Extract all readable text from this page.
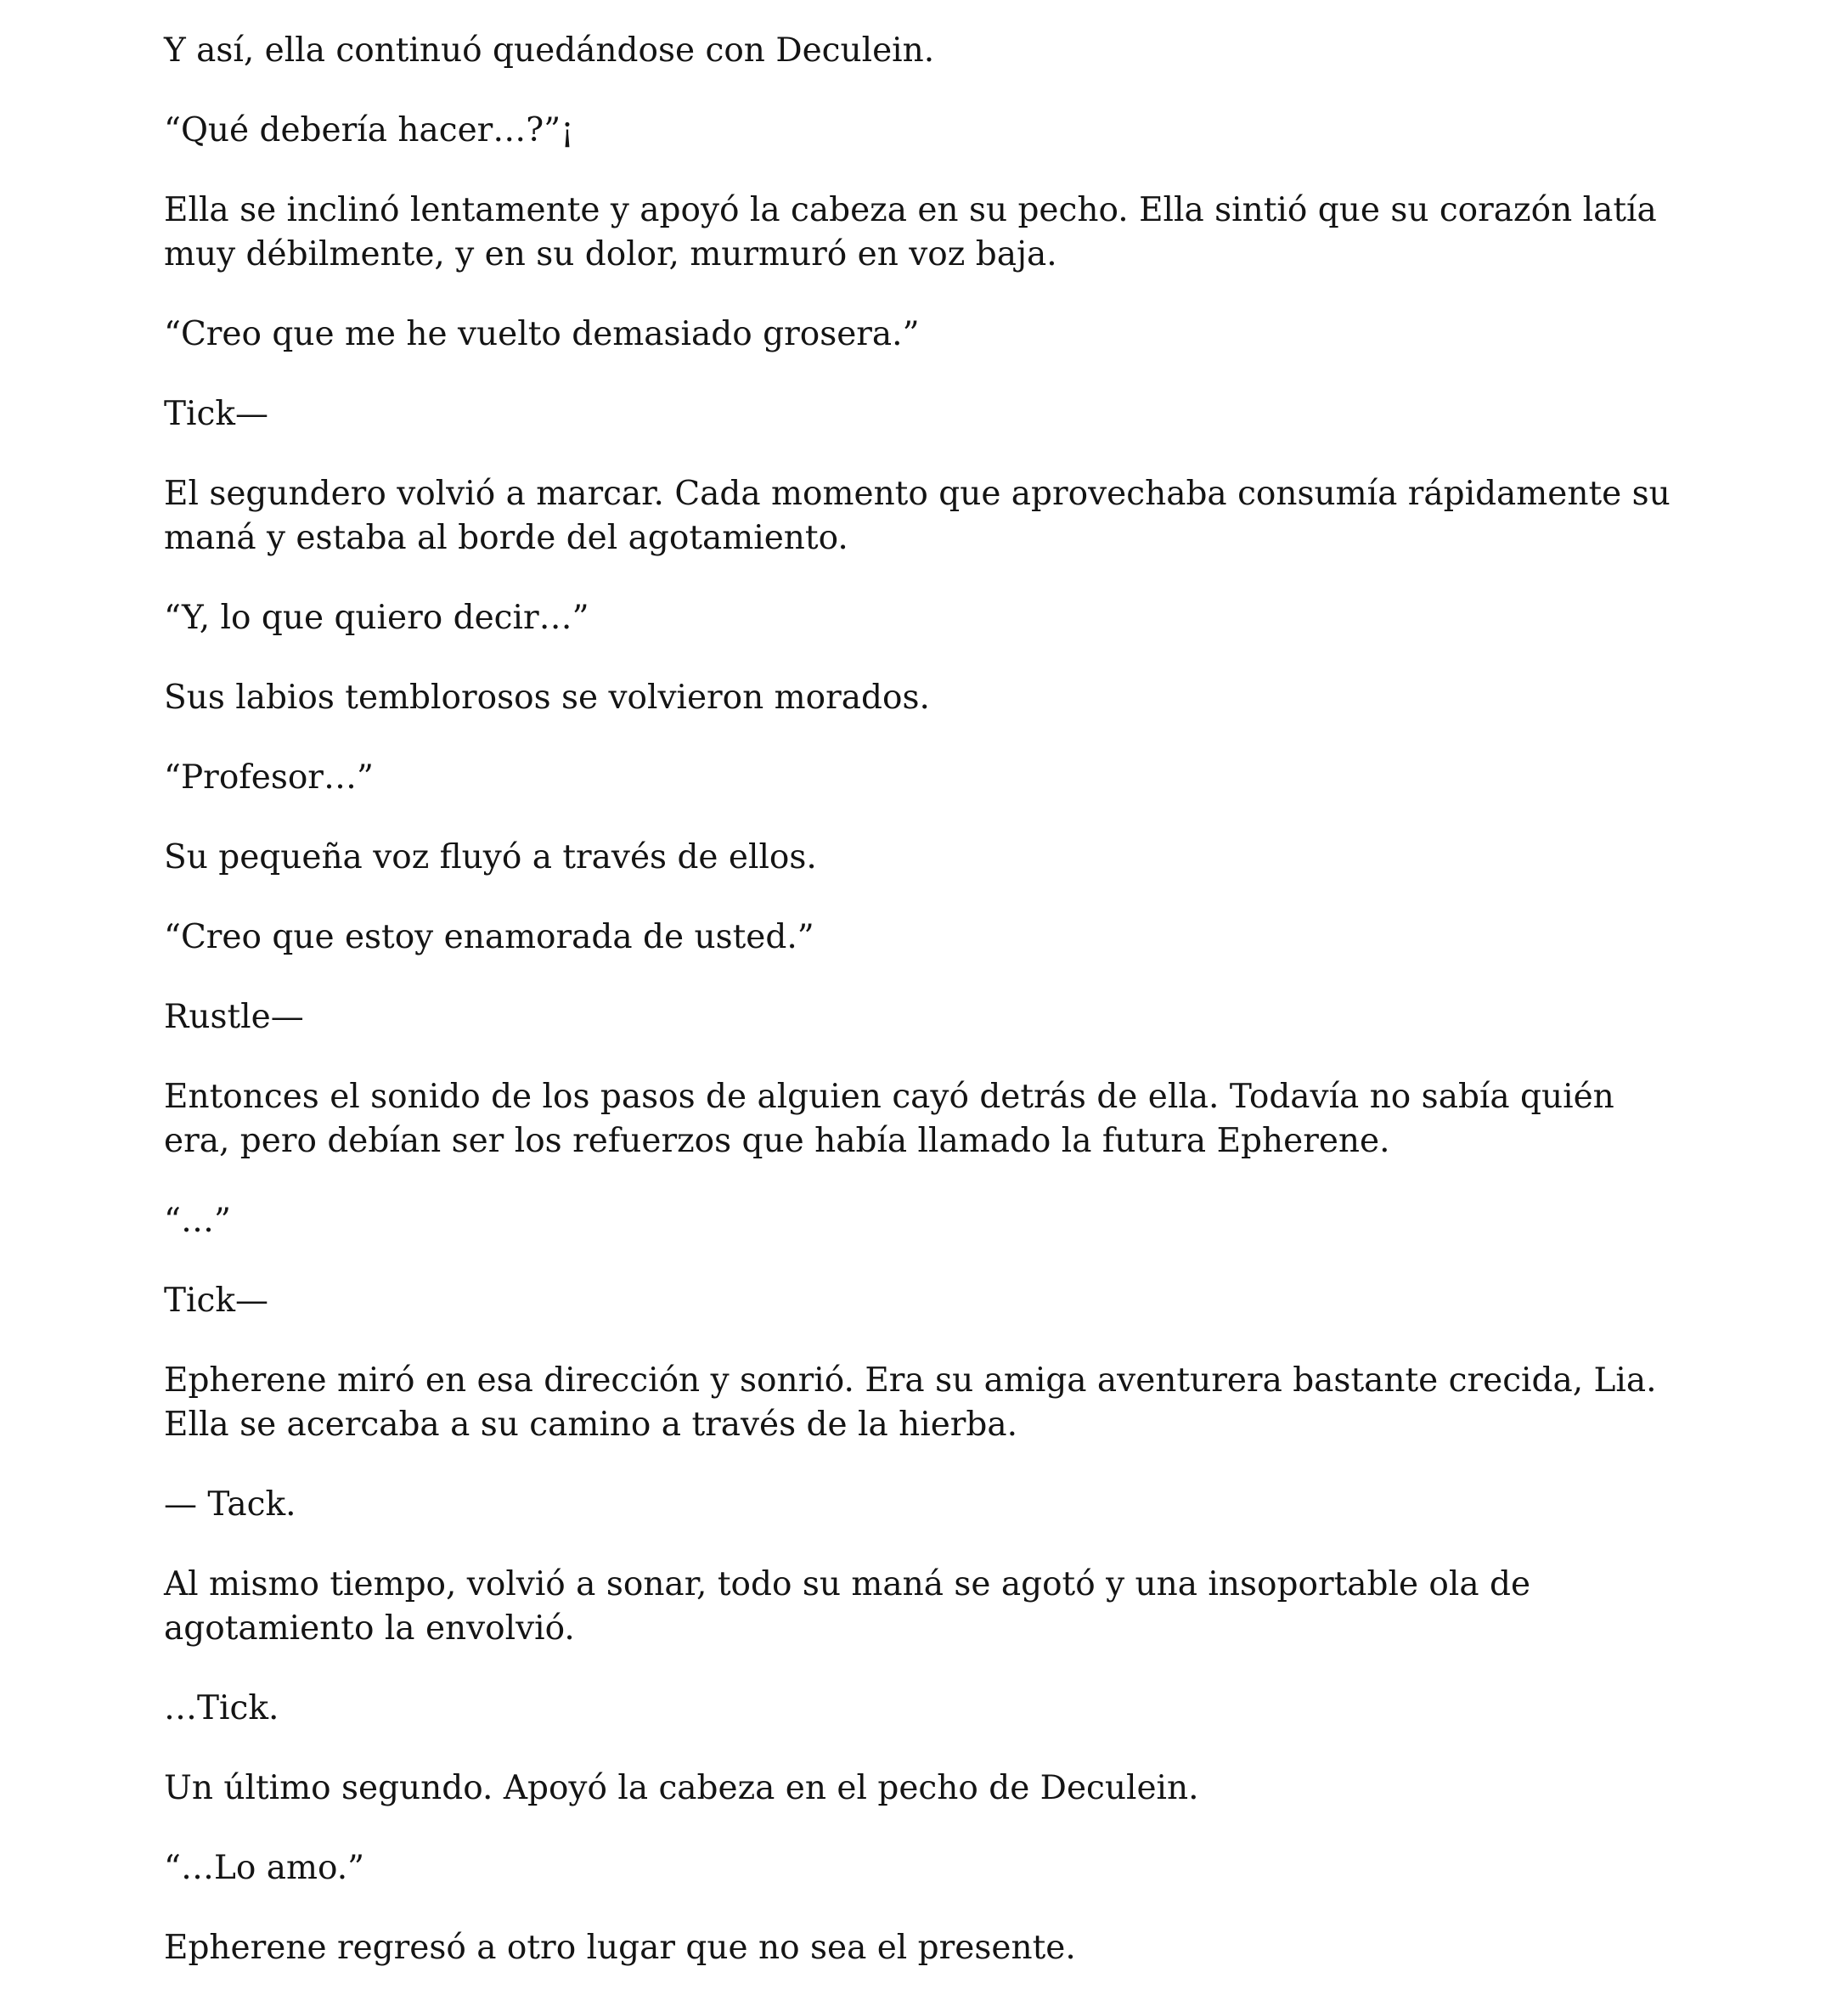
Y así, ella continuó quedándose con Deculein.

“Qué debería hacer…?”¡

Ella se inclinó lentamente y apoyó la cabeza en su pecho. Ella sintió que su corazón latía muy débilmente, y en su dolor, murmuró en voz baja.

“Creo que me he vuelto demasiado grosera.”

Tick—

El segundero volvió a marcar. Cada momento que aprovechaba consumía rápidamente su maná y estaba al borde del agotamiento.

“Y, lo que quiero decir…”

Sus labios temblorosos se volvieron morados.

“Profesor…”

Su pequeña voz fluyó a través de ellos.

“Creo que estoy enamorada de usted.”

Rustle—

Entonces el sonido de los pasos de alguien cayó detrás de ella. Todavía no sabía quién era, pero debían ser los refuerzos que había llamado la futura Epherene.

“…”

Tick—

Epherene miró en esa dirección y sonrió. Era su amiga aventurera bastante crecida, Lia. Ella se acercaba a su camino a través de la hierba.

— Tack.

Al mismo tiempo, volvió a sonar, todo su maná se agotó y una insoportable ola de agotamiento la envolvió.

…Tick.

Un último segundo. Apoyó la cabeza en el pecho de Deculein.

“…Lo amo.”

Epherene regresó a otro lugar que no sea el presente.
